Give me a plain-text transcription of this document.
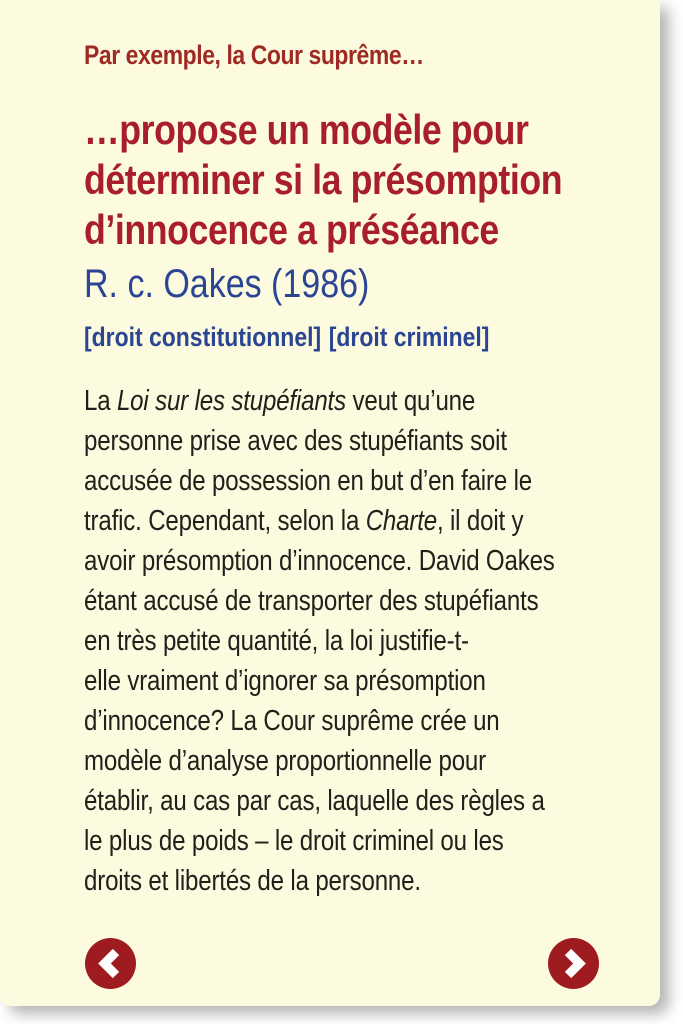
Par exemple, la Cour suprême…
…propose un modèle pour
déterminer si la présomption
d’innocence a préséance
R. c. Oakes (1986)
[droit constitutionnel] [droit criminel]
La Loi sur les stupéfiants veut qu’une
personne prise avec des stupéfiants soit
accusée de possession en but d’en faire le
trafic. Cependant, selon la Charte, il doit y
avoir présomption d’innocence. David Oakes
étant accusé de transporter des stupéfiants
en très petite quantité, la loi justifie-t-
elle vraiment d’ignorer sa présomption
d’innocence? La Cour suprême crée un
modèle d’analyse proportionnelle pour
établir, au cas par cas, laquelle des règles a
le plus de poids – le droit criminel ou les
droits et libertés de la personne.
